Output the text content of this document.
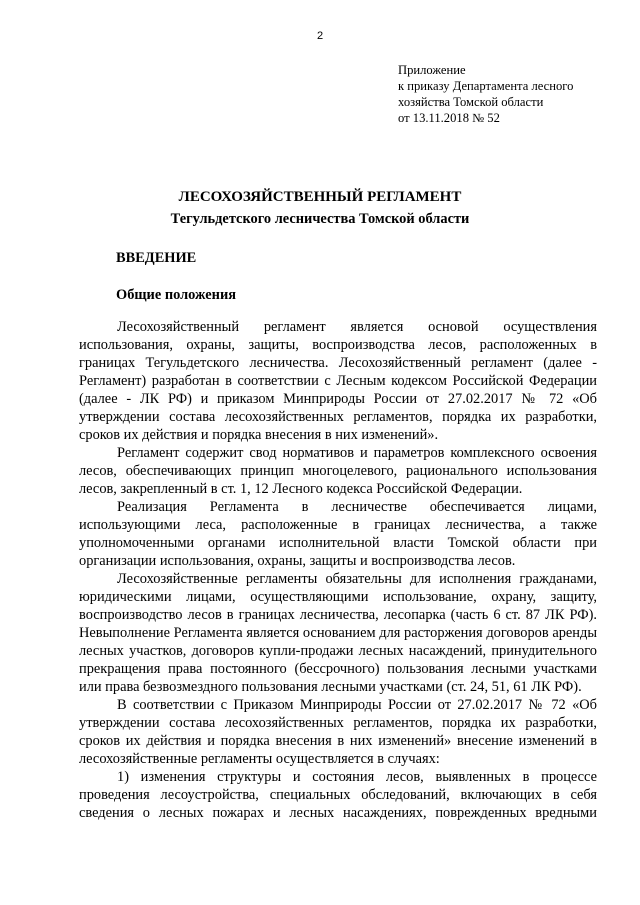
2
Приложение
к приказу Департамента лесного
хозяйства Томской области
от 13.11.2018 № 52
ЛЕСОХОЗЯЙСТВЕННЫЙ РЕГЛАМЕНТ
Тегульдетского лесничества Томской области
ВВЕДЕНИЕ
Общие положения

Лесохозяйственный регламент является основой осуществления использования, охраны, защиты, воспроизводства лесов, расположенных в границах Тегульдетского лесничества. Лесохозяйственный регламент (далее - Регламент) разработан в соответствии с Лесным кодексом Российской Федерации (далее - ЛК РФ) и приказом Минприроды России от 27.02.2017 № 72 «Об утверждении состава лесохозяйственных регламентов, порядка их разработки, сроков их действия и порядка внесения в них изменений».

Регламент содержит свод нормативов и параметров комплексного освоения лесов, обеспечивающих принцип многоцелевого, рационального использования лесов, закрепленный в ст. 1, 12 Лесного кодекса Российской Федерации.

Реализация Регламента в лесничестве обеспечивается лицами, использующими леса, расположенные в границах лесничества, а также уполномоченными органами исполнительной власти Томской области при организации использования, охраны, защиты и воспроизводства лесов.

Лесохозяйственные регламенты обязательны для исполнения гражданами, юридическими лицами, осуществляющими использование, охрану, защиту, воспроизводство лесов в границах лесничества, лесопарка (часть 6 ст. 87 ЛК РФ). Невыполнение Регламента является основанием для расторжения договоров аренды лесных участков, договоров купли-продажи лесных насаждений, принудительного прекращения права постоянного (бессрочного) пользования лесными участками или права безвозмездного пользования лесными участками (ст. 24, 51, 61 ЛК РФ).

В соответствии с Приказом Минприроды России от 27.02.2017 № 72 «Об утверждении состава лесохозяйственных регламентов, порядка их разработки, сроков их действия и порядка внесения в них изменений» внесение изменений в лесохозяйственные регламенты осуществляется в случаях:

1) изменения структуры и состояния лесов, выявленных в процессе проведения лесоустройства, специальных обследований, включающих в себя сведения о лесных пожарах и лесных насаждениях, поврежденных вредными
